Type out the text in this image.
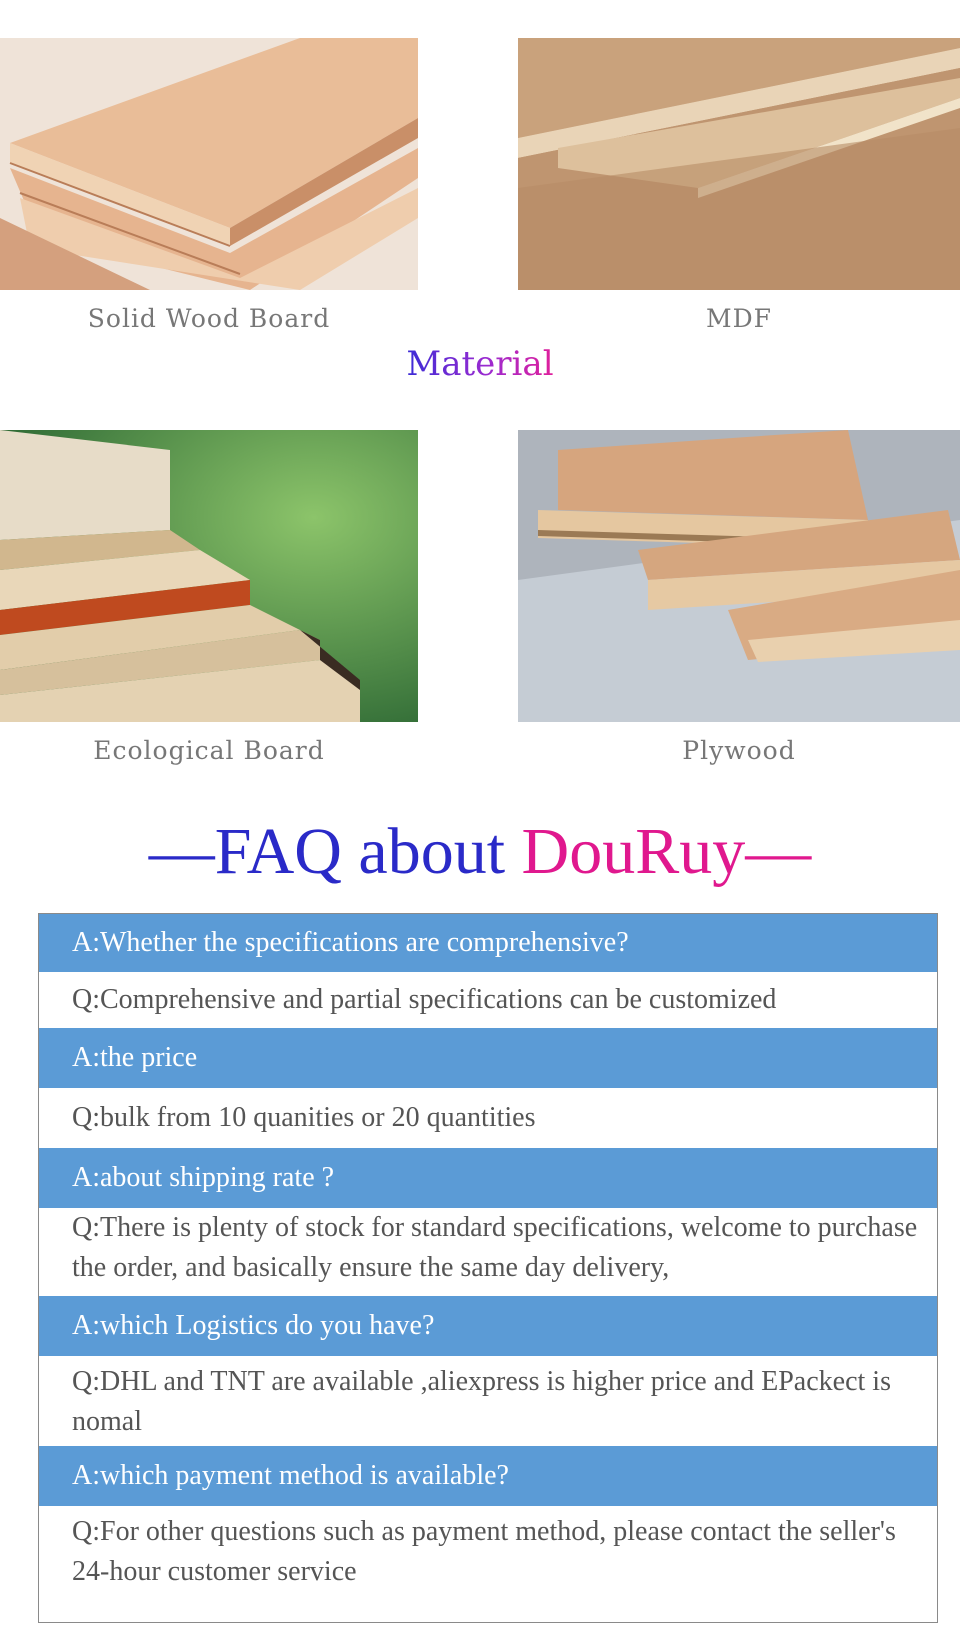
Solid Wood Board	MDF
Ecological Board	Plywood
Material
—FAQ about DouRuy—
A:Whether the specifications are comprehensive?
Q:Comprehensive and partial specifications can be customized
A:the price
Q:bulk from 10 quanities or 20 quantities
A:about shipping rate ?
Q:There is plenty of stock for standard specifications, welcome to purchase the order, and basically ensure the same day delivery,
A:which Logistics do you have?
Q:DHL and TNT are available ,aliexpress is higher price and EPackect is nomal
A:which payment method is available?
Q:For other questions such as payment method, please contact the seller's 24-hour customer service
